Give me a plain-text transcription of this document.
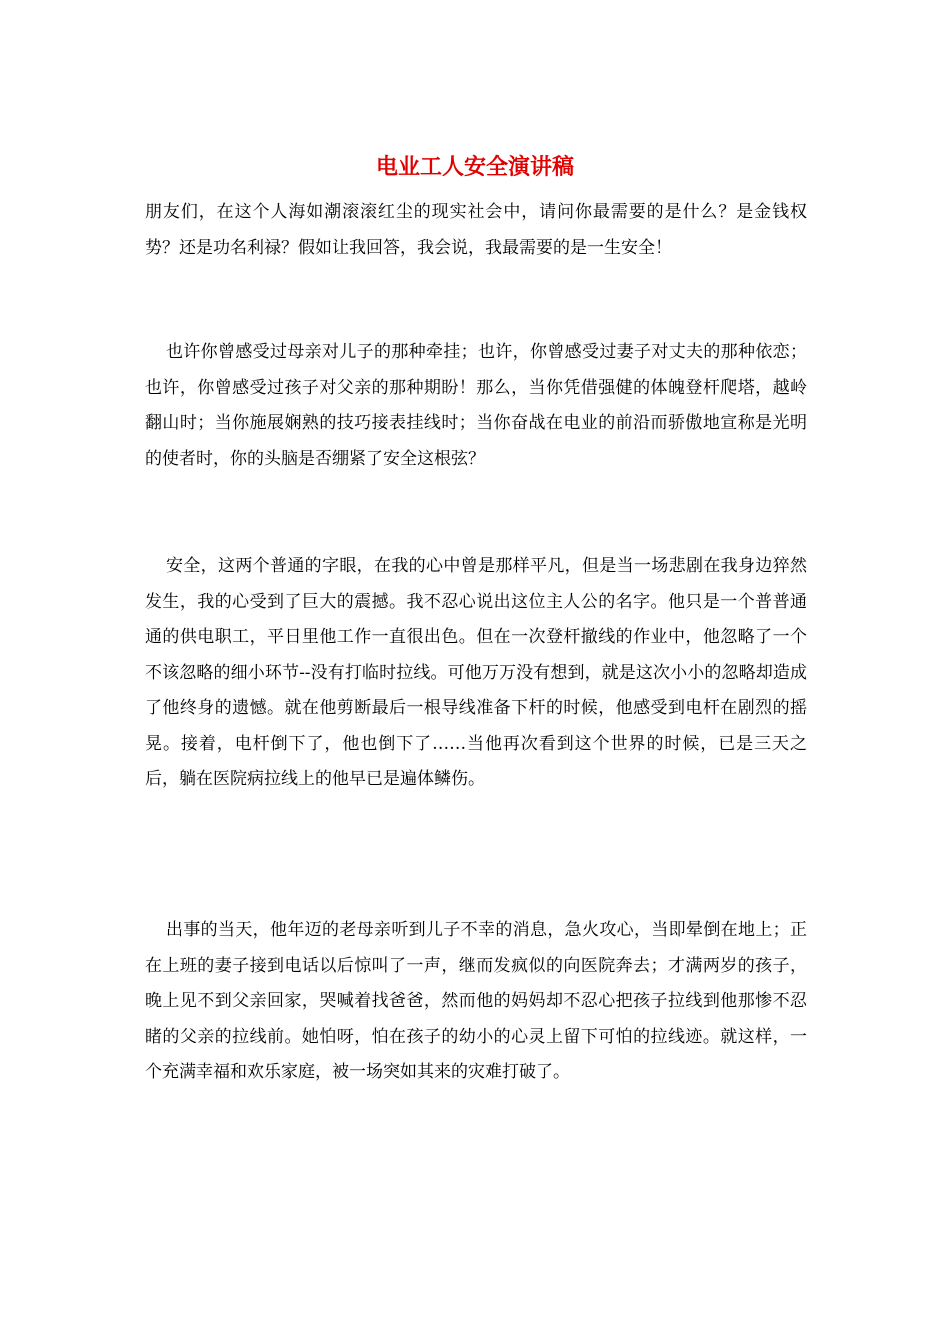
电业工人安全演讲稿

朋友们，在这个人海如潮滚滚红尘的现实社会中，请问你最需要的是什么？是金钱权势？还是功名利禄？假如让我回答，我会说，我最需要的是一生安全！

也许你曾感受过母亲对儿子的那种牵挂；也许，你曾感受过妻子对丈夫的那种依恋；也许，你曾感受过孩子对父亲的那种期盼！那么，当你凭借强健的体魄登杆爬塔，越岭翻山时；当你施展娴熟的技巧接表挂线时；当你奋战在电业的前沿而骄傲地宣称是光明的使者时，你的头脑是否绷紧了安全这根弦？

安全，这两个普通的字眼，在我的心中曾是那样平凡，但是当一场悲剧在我身边猝然发生，我的心受到了巨大的震撼。我不忍心说出这位主人公的名字。他只是一个普普通通的供电职工，平日里他工作一直很出色。但在一次登杆撤线的作业中，他忽略了一个不该忽略的细小环节--没有打临时拉线。可他万万没有想到，就是这次小小的忽略却造成了他终身的遗憾。就在他剪断最后一根导线准备下杆的时候，他感受到电杆在剧烈的摇晃。接着，电杆倒下了，他也倒下了……当他再次看到这个世界的时候，已是三天之后，躺在医院病拉线上的他早已是遍体鳞伤。

出事的当天，他年迈的老母亲听到儿子不幸的消息，急火攻心，当即晕倒在地上；正在上班的妻子接到电话以后惊叫了一声，继而发疯似的向医院奔去；才满两岁的孩子，晚上见不到父亲回家，哭喊着找爸爸，然而他的妈妈却不忍心把孩子拉线到他那惨不忍睹的父亲的拉线前。她怕呀，怕在孩子的幼小的心灵上留下可怕的拉线迹。就这样，一个充满幸福和欢乐家庭，被一场突如其来的灾难打破了。
